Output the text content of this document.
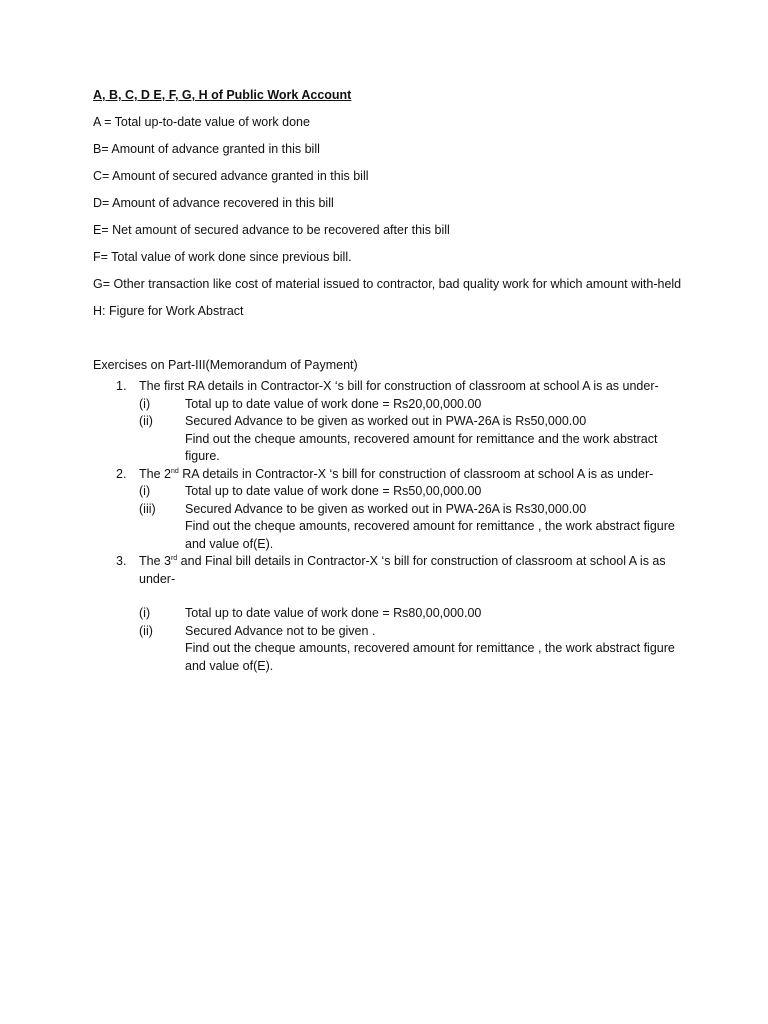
A, B, C, D E, F, G, H of Public Work Account
A = Total up-to-date value of work done
B= Amount of advance granted in this bill
C= Amount of secured advance granted in this bill
D= Amount of advance recovered in this bill
E= Net amount of secured advance to be recovered after this bill
F= Total value of work done since previous bill.
G= Other transaction like cost of material issued to contractor, bad quality work for which amount with-held
H: Figure for Work Abstract
Exercises on Part-III(Memorandum of Payment)
1. The first RA details in Contractor-X ‘s bill for construction of classroom at school A is as under-
(i)	Total up to date value of work done = Rs20,00,000.00
(ii)	Secured Advance to be given as worked out in PWA-26A is Rs50,000.00
Find out the cheque amounts, recovered amount for remittance and the work abstract figure.
2. The 2nd RA details in Contractor-X ‘s bill for construction of classroom at school A is as under-
(i)	Total up to date value of work done = Rs50,00,000.00
(iii) Secured Advance to be given as worked out in PWA-26A is Rs30,000.00
Find out the cheque amounts, recovered amount for remittance , the work abstract figure and value of(E).
3. The 3rd and Final bill details in Contractor-X ‘s bill for construction of classroom at school A is as under-
(i)	Total up to date value of work done = Rs80,00,000.00
(ii)	Secured Advance not to be given .
Find out the cheque amounts, recovered amount for remittance , the work abstract figure and value of(E).
